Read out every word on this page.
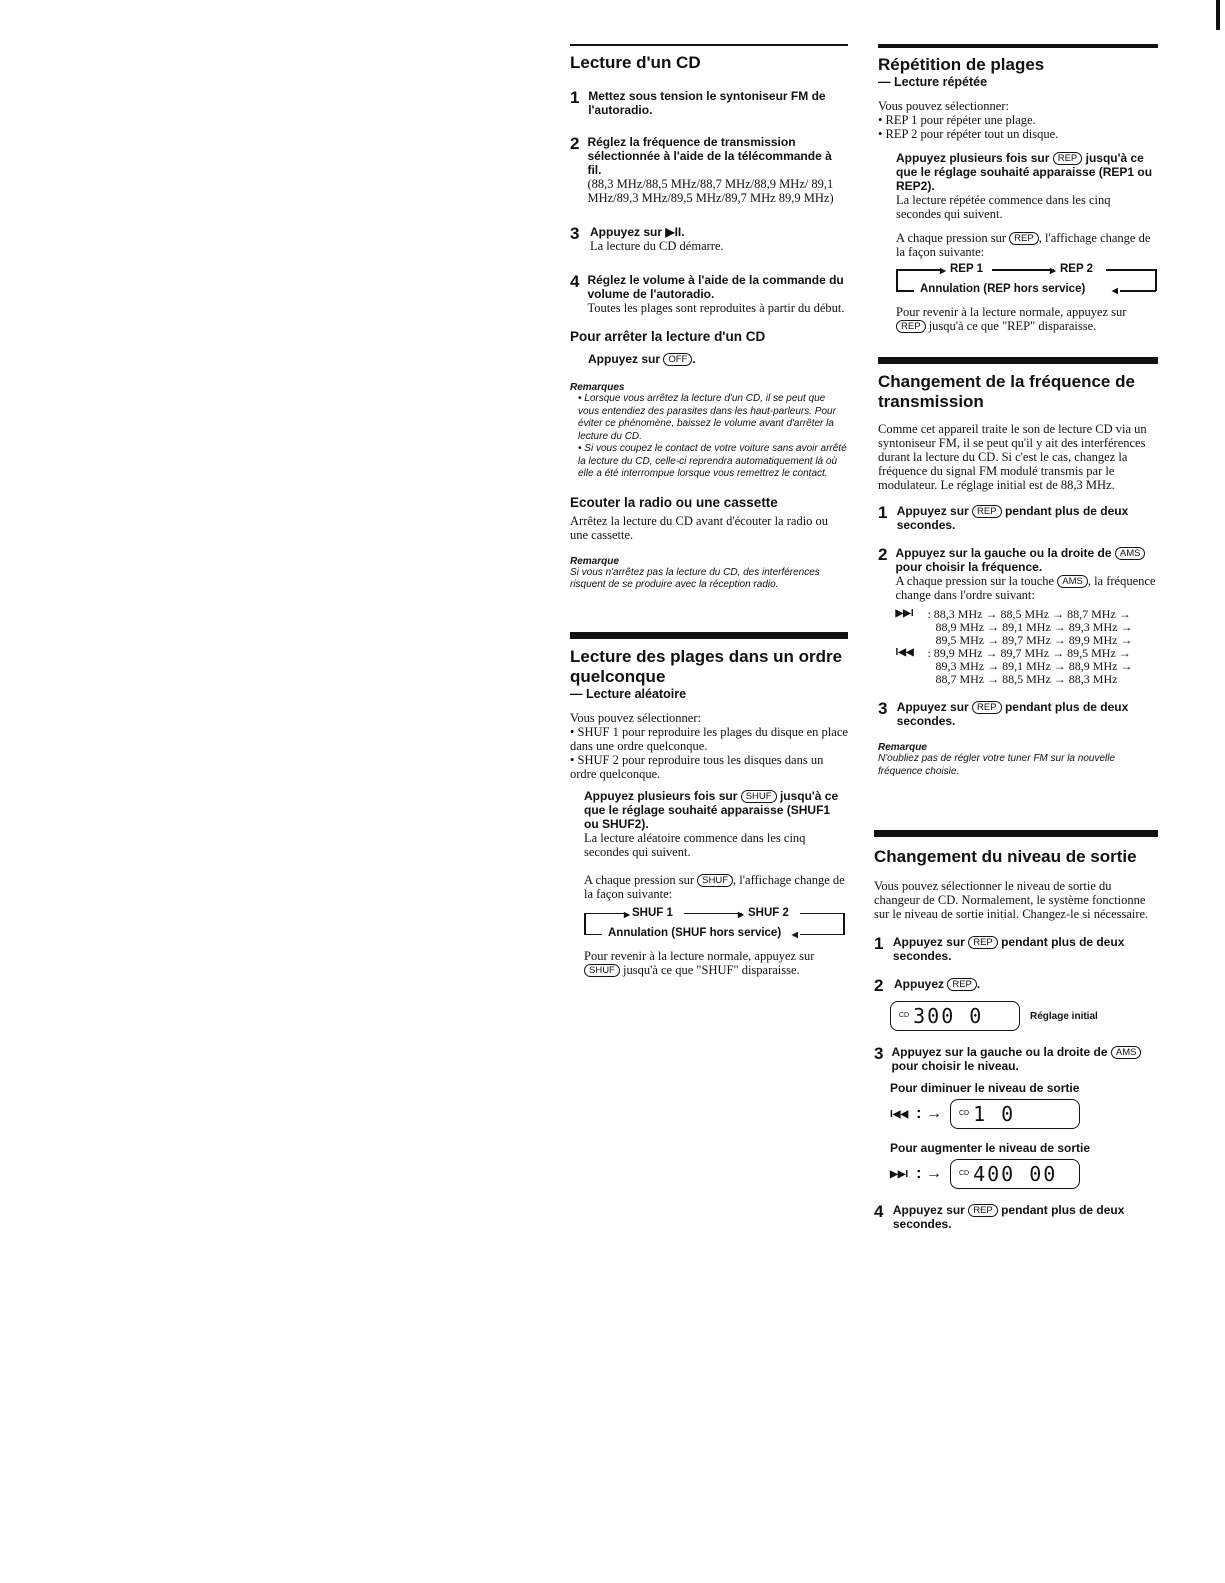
Lecture d'un CD
1 Mettez sous tension le syntoniseur FM de l'autoradio.
2 Réglez la fréquence de transmission sélectionnée à l'aide de la télécommande à fil.
(88,3 MHz/88,5 MHz/88,7 MHz/88,9 MHz/ 89,1 MHz/89,3 MHz/89,5 MHz/89,7 MHz 89,9 MHz)
3 Appuyez sur ▶II.
La lecture du CD démarre.
4 Réglez le volume à l'aide de la commande du volume de l'autoradio.
Toutes les plages sont reproduites à partir du début.
Pour arrêter la lecture d'un CD
Appuyez sur OFF .
Remarques
• Lorsque vous arrêtez la lecture d'un CD, il se peut que vous entendiez des parasites dans les haut-parleurs. Pour éviter ce phénomène, baissez le volume avant d'arrêter la lecture du CD.
• Si vous coupez le contact de votre voiture sans avoir arrêté la lecture du CD, celle-ci reprendra automatiquement là où elle a été interrompue lorsque vous remettrez le contact.
Ecouter la radio ou une cassette
Arrêtez la lecture du CD avant d'écouter la radio ou une cassette.
Remarque
Si vous n'arrêtez pas la lecture du CD, des interférences risquent de se produire avec la réception radio.
Lecture des plages dans un ordre quelconque
— Lecture aléatoire
Vous pouvez sélectionner:
• SHUF 1 pour reproduire les plages du disque en place dans une ordre quelconque.
• SHUF 2 pour reproduire tous les disques dans un ordre quelconque.
Appuyez plusieurs fois sur SHUF jusqu'à ce que le réglage souhaité apparaisse (SHUF1 ou SHUF2).
La lecture aléatoire commence dans les cinq secondes qui suivent.
A chaque pression sur SHUF , l'affichage change de la façon suivante:
▸ SHUF 1	▸ SHUF 2
Annulation (SHUF hors service) ◂
Pour revenir à la lecture normale, appuyez sur SHUF jusqu'à ce que "SHUF" disparaisse.
Répétition de plages
— Lecture répétée
Vous pouvez sélectionner:
• REP 1 pour répéter une plage.
• REP 2 pour répéter tout un disque.
Appuyez plusieurs fois sur REP jusqu'à ce que le réglage souhaité apparaisse (REP1 ou REP2).
La lecture répétée commence dans les cinq secondes qui suivent.
A chaque pression sur REP , l'affichage change de la façon suivante:
▸ REP 1	▸ REP 2
Annulation (REP hors service) ◂
Pour revenir à la lecture normale, appuyez sur REP jusqu'à ce que "REP" disparaisse.
Changement de la fréquence de transmission
Comme cet appareil traite le son de lecture CD via un syntoniseur FM, il se peut qu'il y ait des interférences durant la lecture du CD. Si c'est le cas, changez la fréquence du signal FM modulé transmis par le modulateur. Le réglage initial est de 88,3 MHz.
1 Appuyez sur REP pendant plus de deux secondes.
2 Appuyez sur la gauche ou la droite de AMS pour choisir la fréquence.
A chaque pression sur la touche AMS , la fréquence change dans l'ordre suivant:
▶▶I	: 88,3 MHz → 88,5 MHz → 88,7 MHz →
88,9 MHz → 89,1 MHz → 89,3 MHz →
89,5 MHz → 89,7 MHz → 89,9 MHz →
I◀◀	: 89,9 MHz → 89,7 MHz → 89,5 MHz →
89,3 MHz → 89,1 MHz → 88,9 MHz →
88,7 MHz → 88,5 MHz → 88,3 MHz
3 Appuyez sur REP pendant plus de deux secondes.
Remarque
N'oubliez pas de régler votre tuner FM sur la nouvelle fréquence choisie.
Changement du niveau de sortie
Vous pouvez sélectionner le niveau de sortie du changeur de CD. Normalement, le système fonctionne sur le niveau de sortie initial. Changez-le si nécessaire.
1 Appuyez sur REP pendant plus de deux secondes.
2 Appuyez REP .
CD 300 0	Réglage initial
3 Appuyez sur la gauche ou la droite de AMSpour choisir le niveau.
Pour diminuer le niveau de sortie
I◀◀ : → CD 1 0
Pour augmenter le niveau de sortie
▶▶I : → CD 400 00
4 Appuyez sur REP pendant plus de deux secondes.
